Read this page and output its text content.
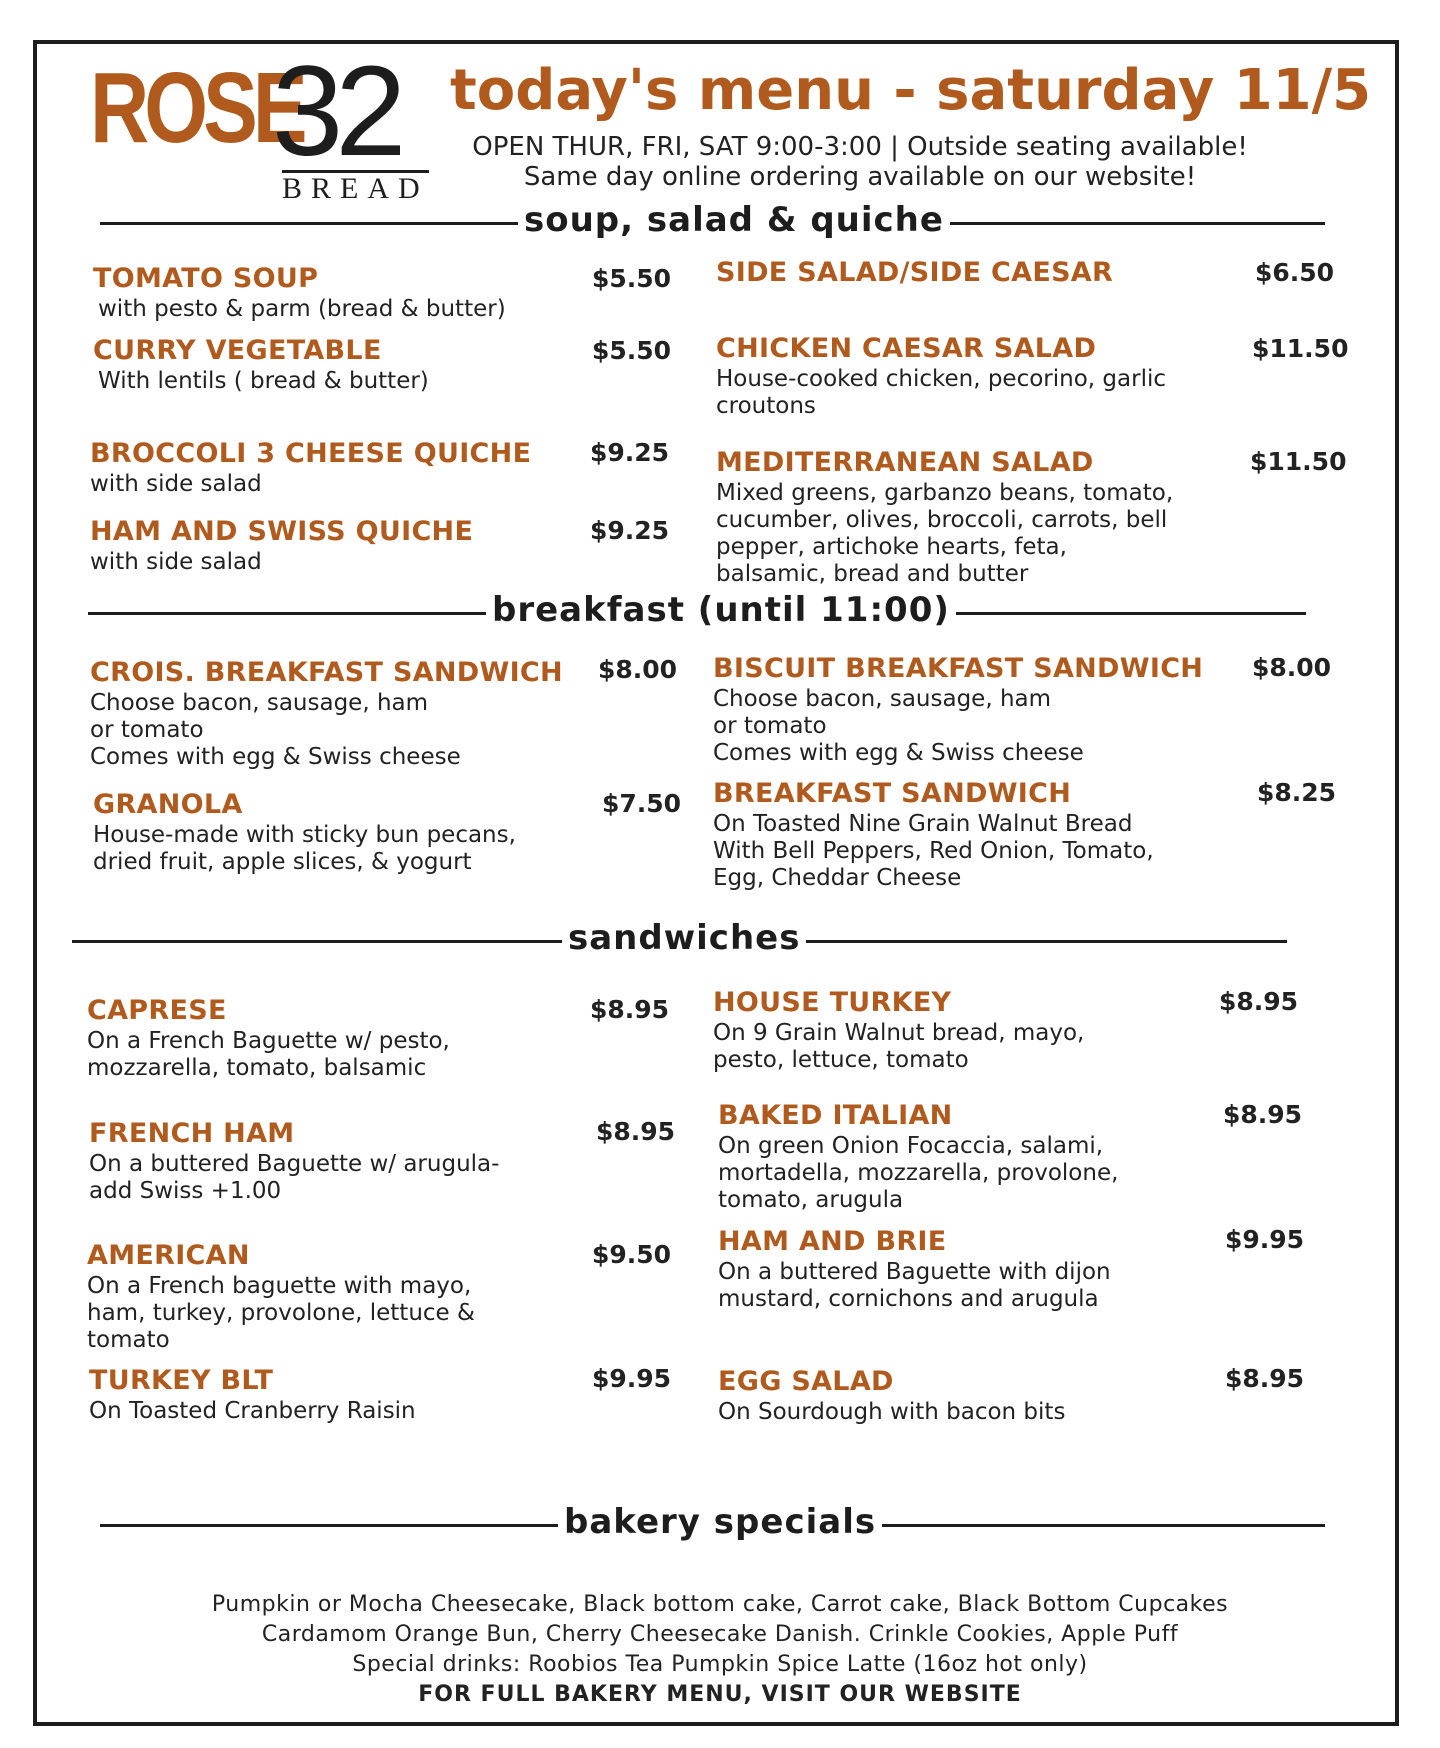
ROSE
32
BREAD
today's menu - saturday 11/5
OPEN THUR, FRI, SAT 9:00-3:00 | Outside seating available!
Same day online ordering available on our website!
soup, salad & quiche
TOMATO SOUP
with pesto & parm (bread & butter)
$5.50
CURRY VEGETABLE
With lentils ( bread & butter)
$5.50
BROCCOLI 3 CHEESE QUICHE
with side salad
$9.25
HAM AND SWISS QUICHE
with side salad
$9.25
SIDE SALAD/SIDE CAESAR	$6.50
CHICKEN CAESAR SALAD
House-cooked chicken, pecorino, garlic
croutons
$11.50
MEDITERRANEAN SALAD
Mixed greens, garbanzo beans, tomato,
cucumber, olives, broccoli, carrots, bell
pepper, artichoke hearts, feta,
balsamic, bread and butter
$11.50
breakfast (until 11:00)
CROIS. BREAKFAST SANDWICH
Choose bacon, sausage, ham
or tomato
Comes with egg & Swiss cheese
$8.00
GRANOLA
House-made with sticky bun pecans,
dried fruit, apple slices, & yogurt
$7.50
BISCUIT BREAKFAST SANDWICH
Choose bacon, sausage, ham
or tomato
Comes with egg & Swiss cheese
$8.00
BREAKFAST SANDWICH
On Toasted Nine Grain Walnut Bread
With Bell Peppers, Red Onion, Tomato,
Egg, Cheddar Cheese
$8.25
sandwiches
CAPRESE
On a French Baguette w/ pesto,
mozzarella, tomato, balsamic
$8.95
FRENCH HAM
On a buttered Baguette w/ arugula-
add Swiss +1.00
$8.95
AMERICAN
On a French baguette with mayo,
ham, turkey, provolone, lettuce &
tomato
$9.50
TURKEY BLT
On Toasted Cranberry Raisin
$9.95
HOUSE TURKEY
On 9 Grain Walnut bread, mayo,
pesto, lettuce, tomato
$8.95
BAKED ITALIAN
On green Onion Focaccia, salami,
mortadella, mozzarella, provolone,
tomato, arugula
$8.95
HAM AND BRIE
On a buttered Baguette with dijon
mustard, cornichons and arugula
$9.95
EGG SALAD
On Sourdough with bacon bits
$8.95
bakery specials
Pumpkin or Mocha Cheesecake, Black bottom cake, Carrot cake, Black Bottom Cupcakes
Cardamom Orange Bun, Cherry Cheesecake Danish. Crinkle Cookies, Apple Puff
Special drinks: Roobios Tea Pumpkin Spice Latte (16oz hot only)
FOR FULL BAKERY MENU, VISIT OUR WEBSITE
